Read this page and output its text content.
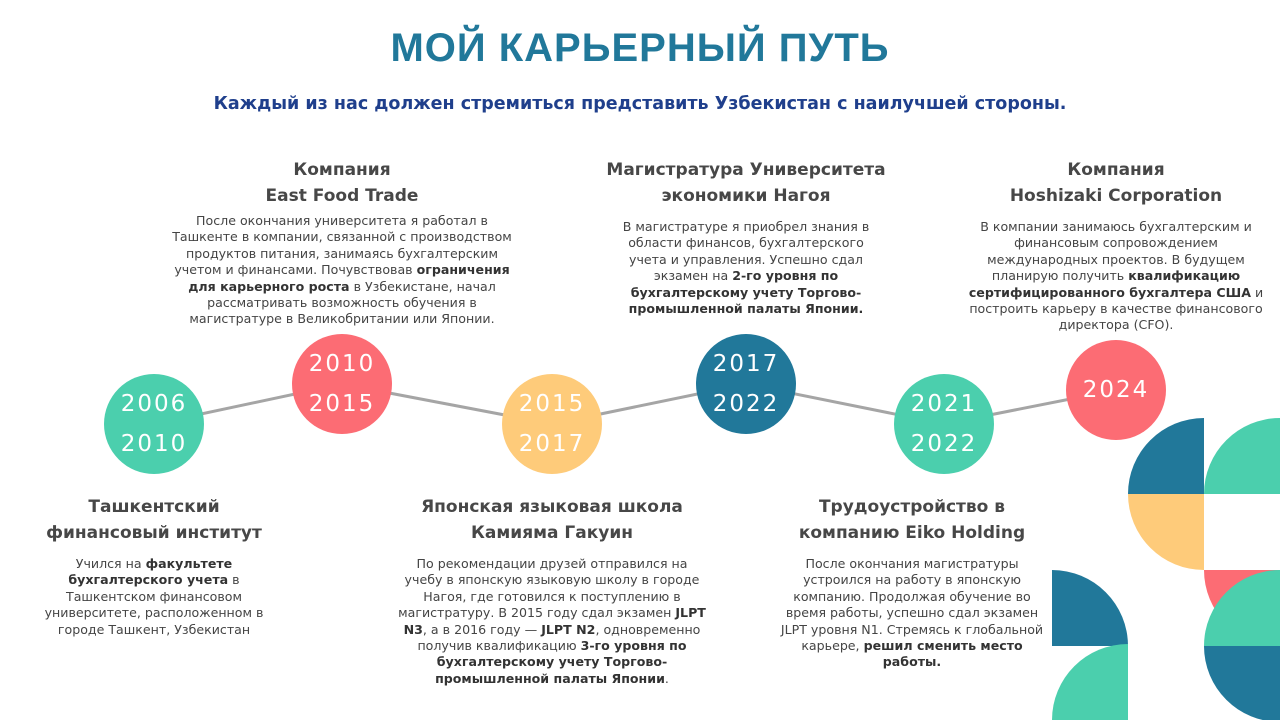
МОЙ КАРЬЕРНЫЙ ПУТЬ
Каждый из нас должен стремиться представить Узбекистан с наилучшей стороны.
2006
2010
Ташкентский
финансовый институт
Учился на факультете
бухгалтерского учета в
Ташкентском финансовом
университете, расположенном в
городе Ташкент, Узбекистан
2010
2015
Компания
East Food Trade
После окончания университета я работал в
Ташкенте в компании, связанной с производством
продуктов питания, занимаясь бухгалтерским
учетом и финансами. Почувствовав ограничения
для карьерного роста в Узбекистане, начал
рассматривать возможность обучения в
магистратуре в Великобритании или Японии.
2015
2017
Японская языковая школа
Камияма Гакуин
По рекомендации друзей отправился на
учебу в японскую языковую школу в городе
Нагоя, где готовился к поступлению в
магистратуру. В 2015 году сдал экзамен JLPT
N3, а в 2016 году — JLPT N2, одновременно
получив квалификацию 3-го уровня по
бухгалтерскому учету Торгово-
промышленной палаты Японии.
2017
2022
Магистратура Университета
экономики Нагоя
В магистратуре я приобрел знания в
области финансов, бухгалтерского
учета и управления. Успешно сдал
экзамен на 2-го уровня по
бухгалтерскому учету Торгово-
промышленной палаты Японии.
2021
2022
Трудоустройство в
компанию Eiko Holding
После окончания магистратуры
устроился на работу в японскую
компанию. Продолжая обучение во
время работы, успешно сдал экзамен
JLPT уровня N1. Стремясь к глобальной
карьере, решил сменить место
работы.
2024
Компания
Hoshizaki Corporation
В компании занимаюсь бухгалтерским и
финансовым сопровождением
международных проектов. В будущем
планирую получить квалификацию
сертифицированного бухгалтера США и
построить карьеру в качестве финансового
директора (CFO).
